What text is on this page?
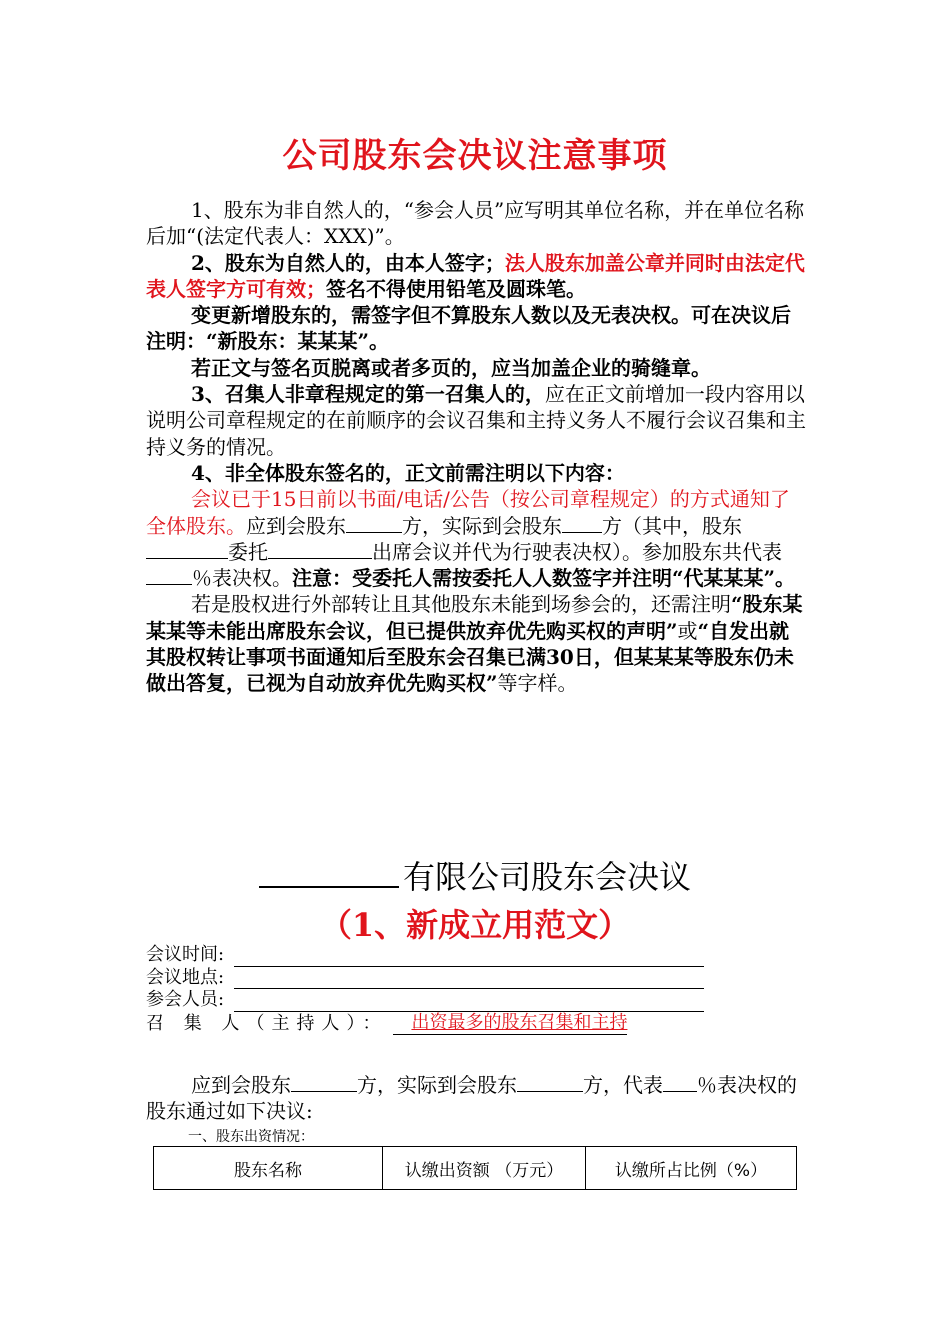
公司股东会决议注意事项

1、股东为非自然人的，“参会人员”应写明其单位名称，并在单位名称后加“(法定代表人：XXX)”。

2、股东为自然人的，由本人签字；法人股东加盖公章并同时由法定代表人签字方可有效；签名不得使用铅笔及圆珠笔。

变更新增股东的，需签字但不算股东人数以及无表决权。可在决议后注明：“新股东：某某某”。

若正文与签名页脱离或者多页的，应当加盖企业的骑缝章。

3、召集人非章程规定的第一召集人的，应在正文前增加一段内容用以说明公司章程规定的在前顺序的会议召集和主持义务人不履行会议召集和主持义务的情况。

4、非全体股东签名的，正文前需注明以下内容：

会议已于15日前以书面/电话/公告（按公司章程规定）的方式通知了全体股东。应到会股东	方，实际到会股东 方（其中，股东委托	出席会议并代为行驶表决权）。参加股东共代表％表决权。注意：受委托人需按委托人人数签字并注明“代某某某”。

若是股权进行外部转让且其他股东未能到场参会的，还需注明“股东某某某等未能出席股东会议，但已提供放弃优先购买权的声明”或“自发出就其股权转让事项书面通知后至股东会召集已满30日，但某某某等股东仍未做出答复，已视为自动放弃优先购买权”等字样。

有限公司股东会决议
（1、新成立用范文）
会议时间:
会议地点:
参会人员:
召 集 人（主持人）：	出资最多的股东召集和主持

应到会股东	方，实际到会股东	方，代表 ％表决权的股东通过如下决议:

一、股东出资情况：
股东名称	认缴出资额 （万元）	认缴所占比例（%）
